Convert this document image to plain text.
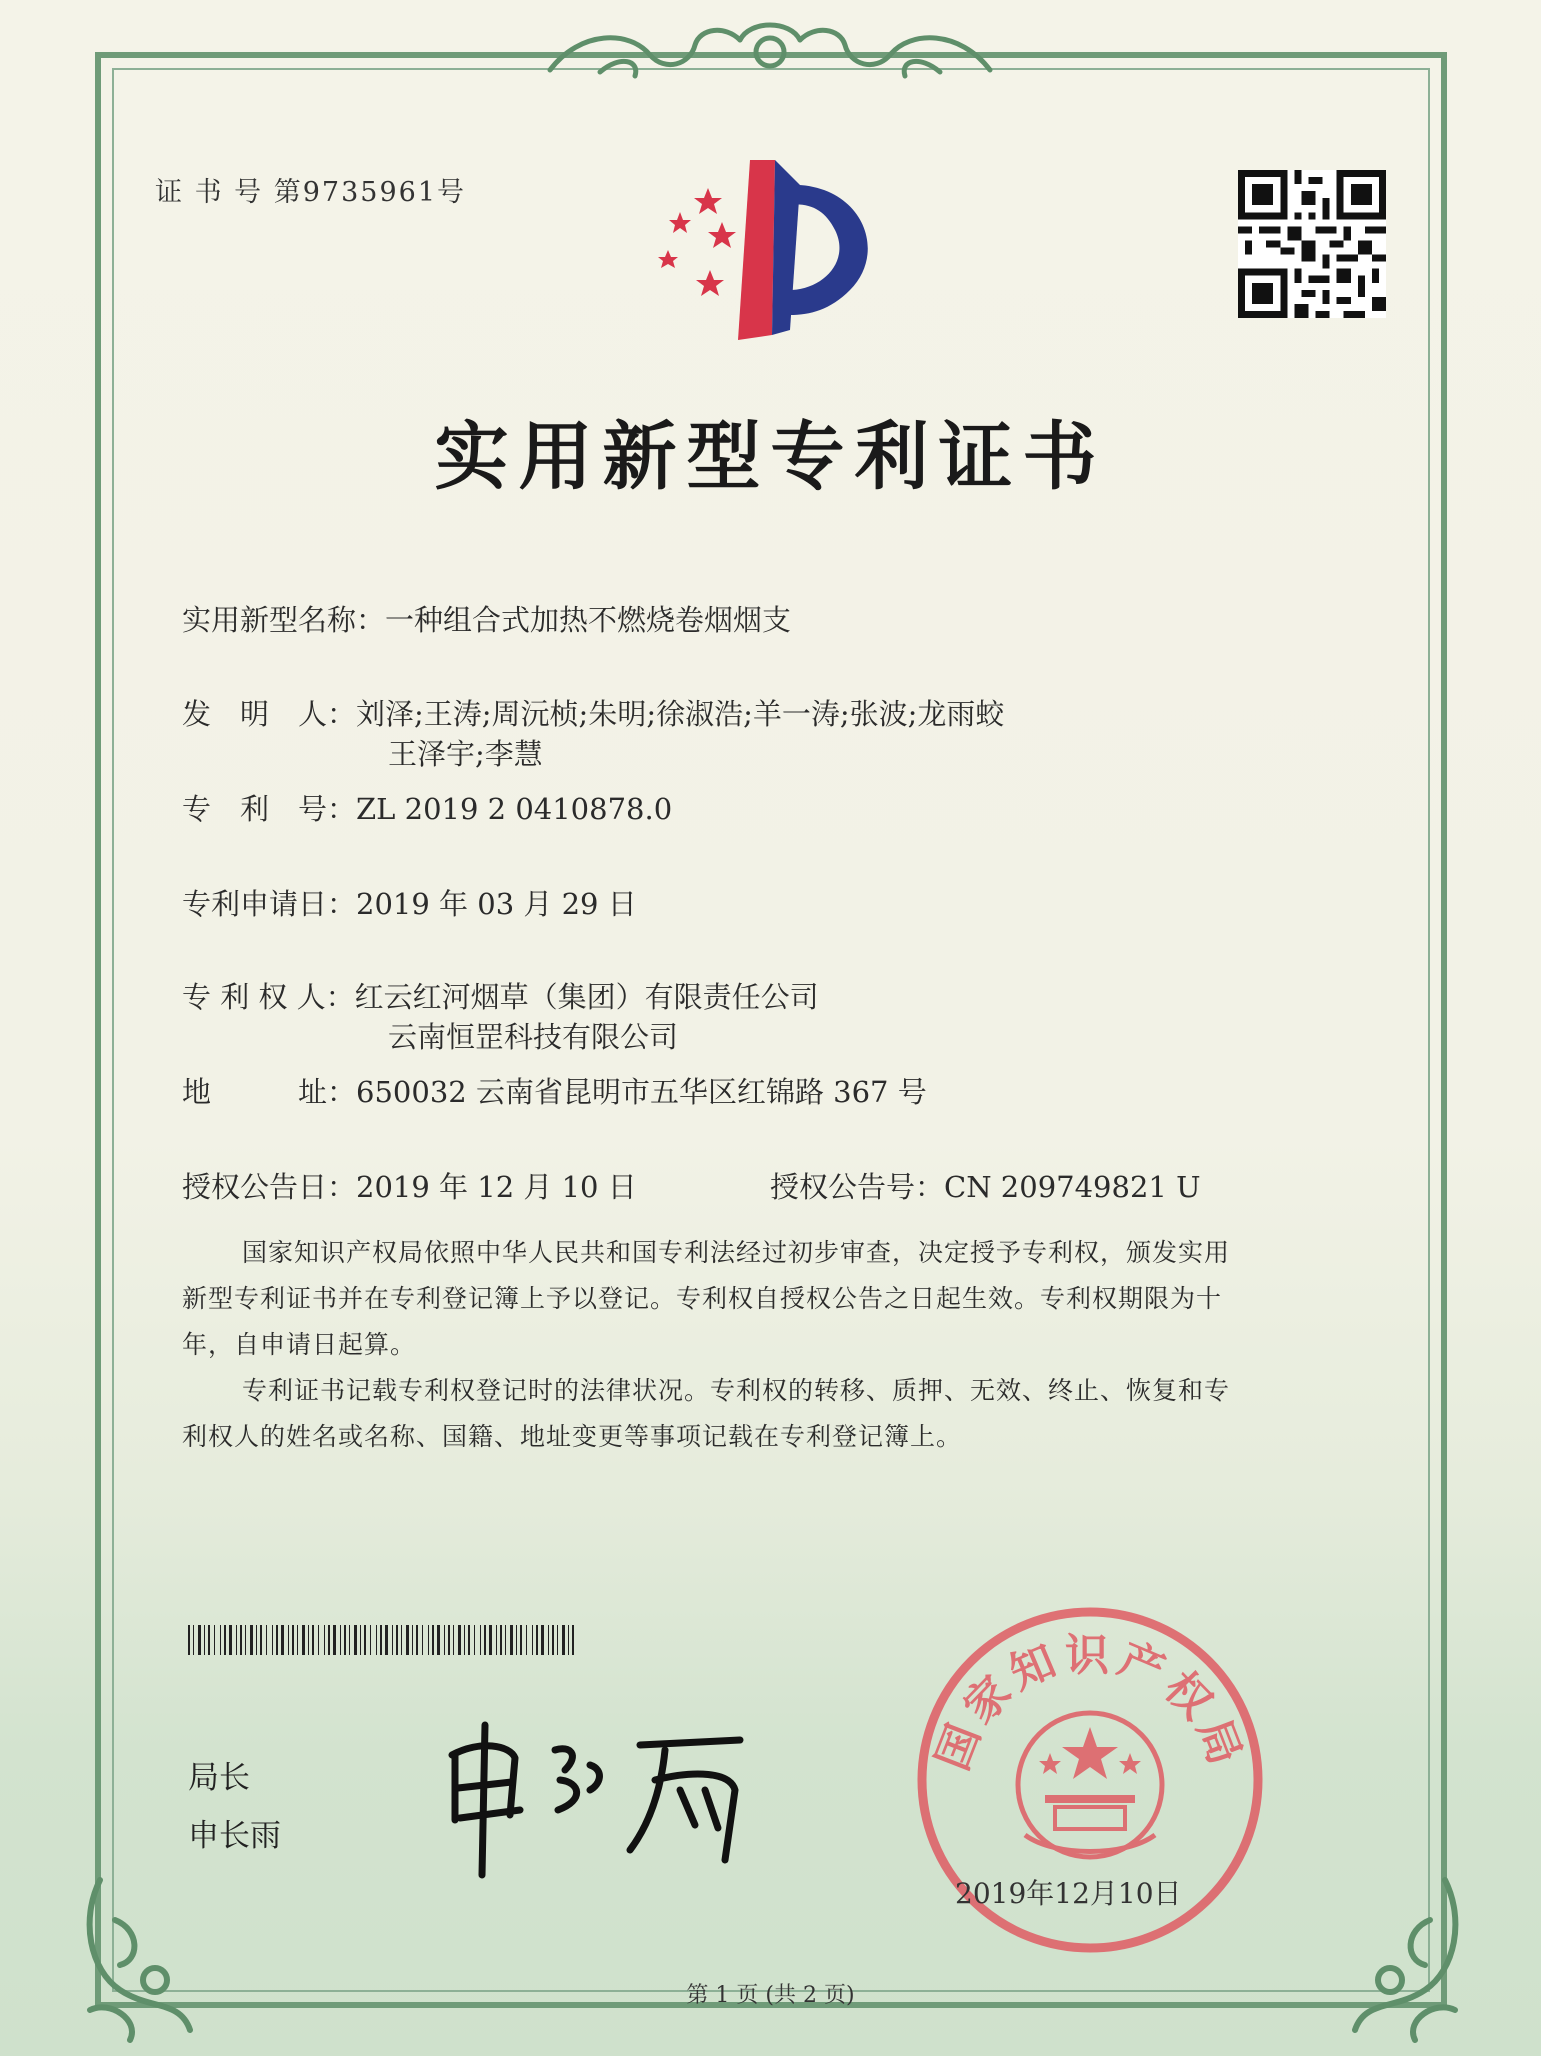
证 书 号 第9735961号
实用新型专利证书
实用新型名称：一种组合式加热不燃烧卷烟烟支
发　明　人：刘泽;王涛;周沅桢;朱明;徐淑浩;羊一涛;张波;龙雨蛟
王泽宇;李慧
专　利　号：ZL 2019 2 0410878.0
专利申请日：2019 年 03 月 29 日
专 利 权 人：红云红河烟草（集团）有限责任公司
云南恒罡科技有限公司
地　　　址：650032 云南省昆明市五华区红锦路 367 号
授权公告日：2019 年 12 月 10 日	授权公告号：CN 209749821 U
国家知识产权局依照中华人民共和国专利法经过初步审查，决定授予专利权，颁发实用
新型专利证书并在专利登记簿上予以登记。专利权自授权公告之日起生效。专利权期限为十
年，自申请日起算。
专利证书记载专利权登记时的法律状况。专利权的转移、质押、无效、终止、恢复和专
利权人的姓名或名称、国籍、地址变更等事项记载在专利登记簿上。
局长
申长雨
国家知识产权局
2019年12月10日
第 1 页 (共 2 页)
